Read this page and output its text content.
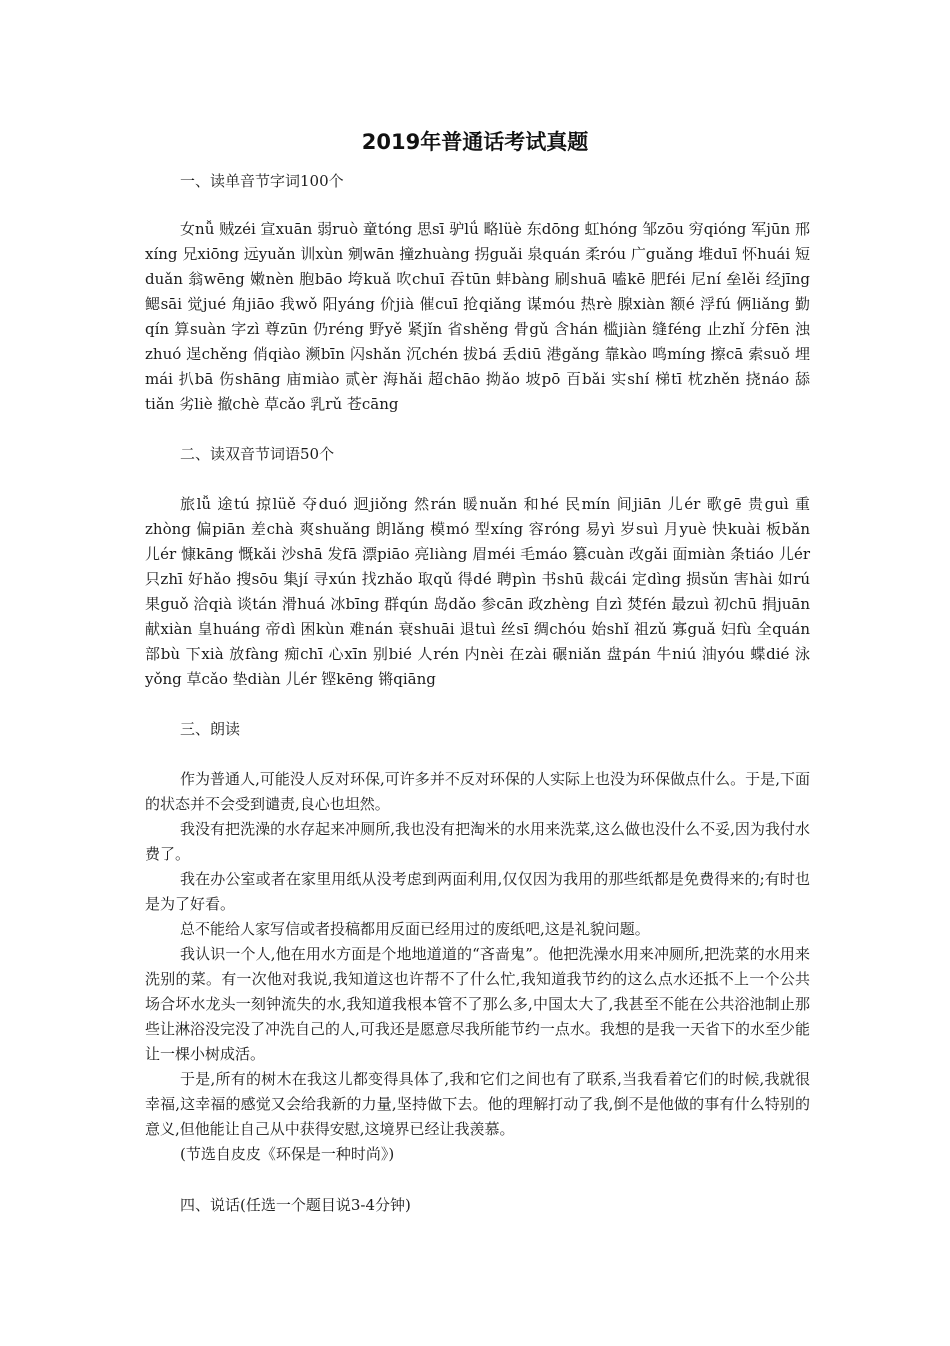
2019年普通话考试真题
一、读单音节字词100个

女nǚ 贼zéi 宣xuān 弱ruò 童tóng 思sī 驴lǘ 略lüè 东dōng 虹hóng 邹zōu 穷qióng 军jūn 邢xíng 兄xiōng 远yuǎn 训xùn 剜wān 撞zhuàng 拐guǎi 泉quán 柔róu 广guǎng 堆duī 怀huái 短duǎn 翁wēng 嫩nèn 胞bāo 垮kuǎ 吹chuī 吞tūn 蚌bàng 刷shuā 嗑kē 肥féi 尼ní 垒lěi 经jīng 鳃sāi 觉jué 角jiāo 我wǒ 阳yáng 价jià 催cuī 抢qiǎng 谋móu 热rè 腺xiàn 额é 浮fú 俩liǎng 勤qín 算suàn 字zì 尊zūn 仍réng 野yě 紧jǐn 省shěng 骨gǔ 含hán 槛jiàn 缝féng 止zhǐ 分fēn 浊zhuó 逞chěng 俏qiào 濒bīn 闪shǎn 沉chén 拔bá 丢diū 港gǎng 靠kào 鸣míng 擦cā 索suǒ 埋mái 扒bā 伤shāng 庙miào 贰èr 海hǎi 超chāo 拗ǎo 坡pō 百bǎi 实shí 梯tī 枕zhěn 挠náo 舔tiǎn 劣liè 撤chè 草cǎo 乳rǔ 苍cāng

二、读双音节词语50个

旅lǚ 途tú 掠lüě 夺duó 迥jiǒng 然rán 暖nuǎn 和hé 民mín 间jiān 儿ér 歌gē 贵guì 重zhòng 偏piān 差chà 爽shuǎng 朗lǎng 模mó 型xíng 容róng 易yì 岁suì 月yuè 快kuài 板bǎn 儿ér 慷kāng 慨kǎi 沙shā 发fā 漂piāo 亮liàng 眉méi 毛máo 篡cuàn 改gǎi 面miàn 条tiáo 儿ér 只zhī 好hǎo 搜sōu 集jí 寻xún 找zhǎo 取qǔ 得dé 聘pìn 书shū 裁cái 定dìng 损sǔn 害hài 如rú 果guǒ 洽qià 谈tán 滑huá 冰bīng 群qún 岛dǎo 参cān 政zhèng 自zì 焚fén 最zuì 初chū 捐juān 献xiàn 皇huáng 帝dì 困kùn 难nán 衰shuāi 退tuì 丝sī 绸chóu 始shǐ 祖zǔ 寡guǎ 妇fù 全quán 部bù 下xià 放fàng 痴chī 心xīn 别bié 人rén 内nèi 在zài 碾niǎn 盘pán 牛niú 油yóu 蝶dié 泳yǒng 草cǎo 垫diàn 儿ér 铿kēng 锵qiāng

三、朗读

作为普通人,可能没人反对环保,可许多并不反对环保的人实际上也没为环保做点什么。于是,下面的状态并不会受到谴责,良心也坦然。

我没有把洗澡的水存起来冲厕所,我也没有把淘米的水用来洗菜,这么做也没什么不妥,因为我付水费了。

我在办公室或者在家里用纸从没考虑到两面利用,仅仅因为我用的那些纸都是免费得来的;有时也是为了好看。

总不能给人家写信或者投稿都用反面已经用过的废纸吧,这是礼貌问题。

我认识一个人,他在用水方面是个地地道道的“吝啬鬼”。他把洗澡水用来冲厕所,把洗菜的水用来洗别的菜。有一次他对我说,我知道这也许帮不了什么忙,我知道我节约的这么点水还抵不上一个公共场合坏水龙头一刻钟流失的水,我知道我根本管不了那么多,中国太大了,我甚至不能在公共浴池制止那些让淋浴没完没了冲洗自己的人,可我还是愿意尽我所能节约一点水。我想的是我一天省下的水至少能让一棵小树成活。

于是,所有的树木在我这儿都变得具体了,我和它们之间也有了联系,当我看着它们的时候,我就很幸福,这幸福的感觉又会给我新的力量,坚持做下去。他的理解打动了我,倒不是他做的事有什么特别的意义,但他能让自己从中获得安慰,这境界已经让我羡慕。

(节选自皮皮《环保是一种时尚》)

四、说话(任选一个题目说3-4分钟)
